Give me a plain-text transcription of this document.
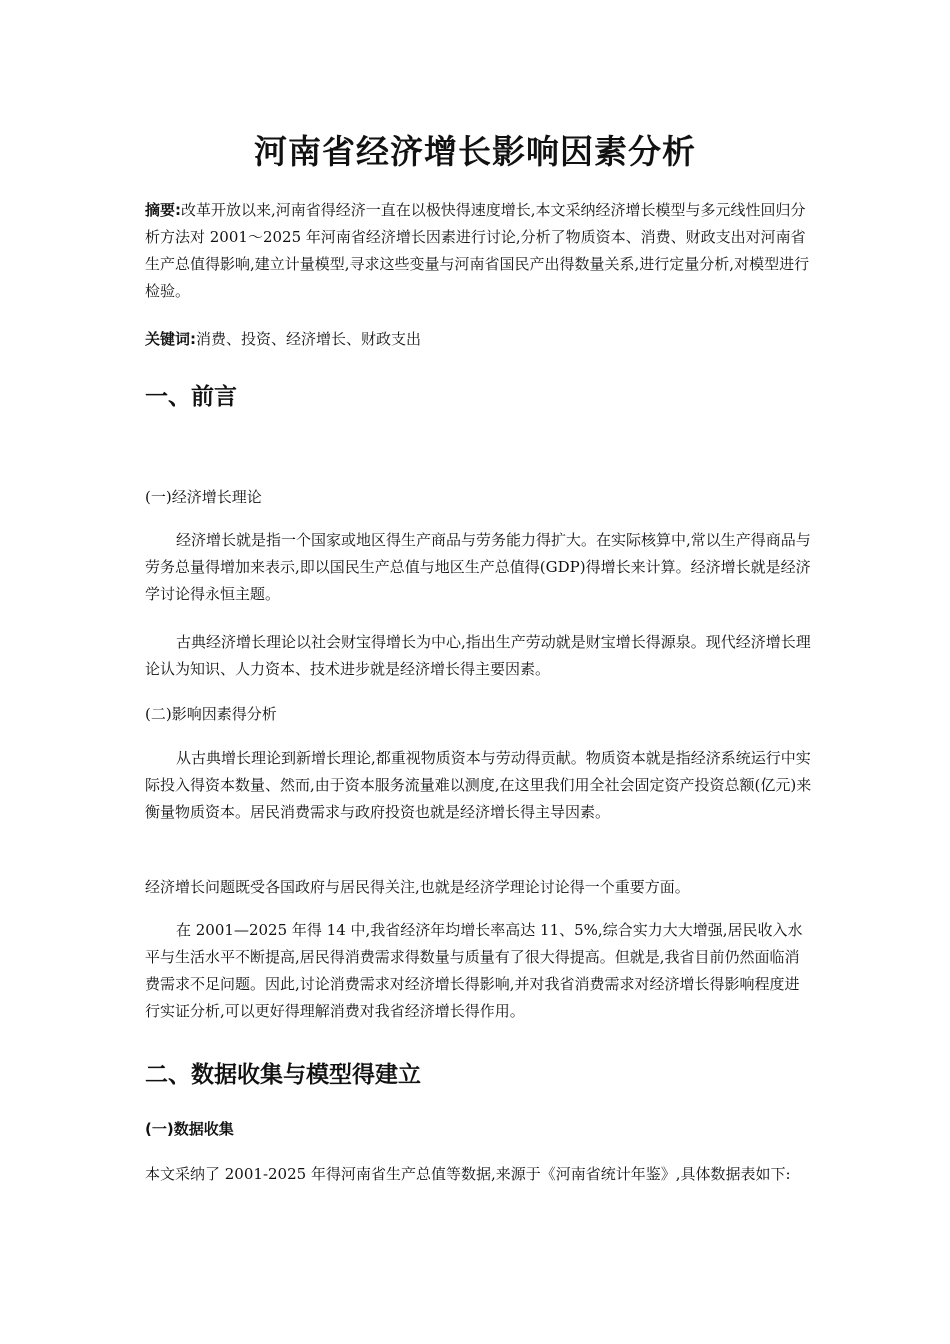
河南省经济增长影响因素分析

摘要:改革开放以来,河南省得经济一直在以极快得速度增长,本文采纳经济增长模型与多元线性回归分析方法对 2001～2025 年河南省经济增长因素进行讨论,分析了物质资本、消费、财政支出对河南省生产总值得影响,建立计量模型,寻求这些变量与河南省国民产出得数量关系,进行定量分析,对模型进行检验。

关键词:消费、投资、经济增长、财政支出

一、前言

(一)经济增长理论

经济增长就是指一个国家或地区得生产商品与劳务能力得扩大。在实际核算中,常以生产得商品与劳务总量得增加来表示,即以国民生产总值与地区生产总值得(GDP)得增长来计算。经济增长就是经济学讨论得永恒主题。

古典经济增长理论以社会财宝得增长为中心,指出生产劳动就是财宝增长得源泉。现代经济增长理论认为知识、人力资本、技术进步就是经济增长得主要因素。

(二)影响因素得分析

从古典增长理论到新增长理论,都重视物质资本与劳动得贡献。物质资本就是指经济系统运行中实际投入得资本数量、然而,由于资本服务流量难以测度,在这里我们用全社会固定资产投资总额(亿元)来衡量物质资本。居民消费需求与政府投资也就是经济增长得主导因素。

经济增长问题既受各国政府与居民得关注,也就是经济学理论讨论得一个重要方面。

在 2001—2025 年得 14 中,我省经济年均增长率高达 11、5%,综合实力大大增强,居民收入水平与生活水平不断提高,居民得消费需求得数量与质量有了很大得提高。但就是,我省目前仍然面临消费需求不足问题。因此,讨论消费需求对经济增长得影响,并对我省消费需求对经济增长得影响程度进行实证分析,可以更好得理解消费对我省经济增长得作用。

二、数据收集与模型得建立

(一)数据收集

本文采纳了 2001-2025 年得河南省生产总值等数据,来源于《河南省统计年鉴》,具体数据表如下:
